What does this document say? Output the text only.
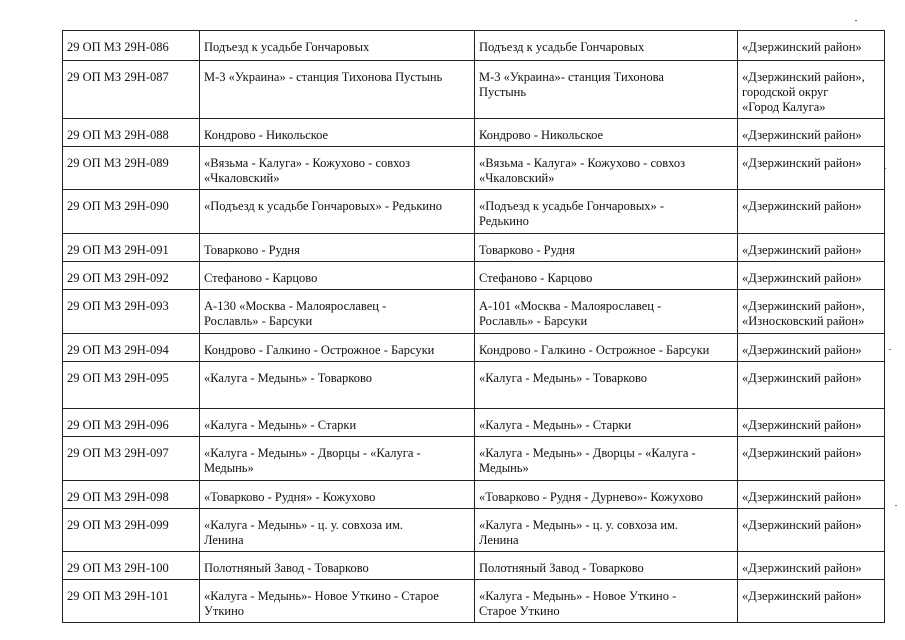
29 ОП МЗ 29Н-086	Подъезд к усадьбе Гончаровых	Подъезд к усадьбе Гончаровых	«Дзержинский район»

29 ОП МЗ 29Н-087	М-3 «Украина» - станция Тихонова Пустынь	М-3 «Украина»- станция Тихонова
Пустынь	«Дзержинский район»,
городской округ
«Город Калуга»

29 ОП МЗ 29Н-088	Кондрово - Никольское	Кондрово - Никольское	«Дзержинский район»

29 ОП МЗ 29Н-089	«Вязьма - Калуга» - Кожухово - совхоз
«Чкаловский»	«Вязьма - Калуга» - Кожухово - совхоз
«Чкаловский»	«Дзержинский район»

29 ОП МЗ 29Н-090	«Подъезд к усадьбе Гончаровых» - Редькино	«Подъезд к усадьбе Гончаровых» -
Редькино	«Дзержинский район»

29 ОП МЗ 29Н-091	Товарково - Рудня	Товарково - Рудня	«Дзержинский район»

29 ОП МЗ 29Н-092	Стефаново - Карцово	Стефаново - Карцово	«Дзержинский район»

29 ОП МЗ 29Н-093	А-130 «Москва - Малоярославец -
Рославль» - Барсуки	А-101 «Москва - Малоярославец -
Рославль» - Барсуки	«Дзержинский район»,
«Износковский район»

29 ОП МЗ 29Н-094	Кондрово - Галкино - Острожное - Барсуки	Кондрово - Галкино - Острожное - Барсуки	«Дзержинский район»

29 ОП МЗ 29Н-095	«Калуга - Медынь» - Товарково	«Калуга - Медынь» - Товарково	«Дзержинский район»

29 ОП МЗ 29Н-096	«Калуга - Медынь» - Старки	«Калуга - Медынь» - Старки	«Дзержинский район»

29 ОП МЗ 29Н-097	«Калуга - Медынь» - Дворцы - «Калуга -
Медынь»	«Калуга - Медынь» - Дворцы - «Калуга -
Медынь»	«Дзержинский район»

29 ОП МЗ 29Н-098	«Товарково - Рудня» - Кожухово	«Товарково - Рудня - Дурнево»- Кожухово	«Дзержинский район»

29 ОП МЗ 29Н-099	«Калуга - Медынь» - ц. у. совхоза им.
Ленина	«Калуга - Медынь» - ц. у. совхоза им.
Ленина	«Дзержинский район»

29 ОП МЗ 29Н-100	Полотняный Завод - Товарково	Полотняный Завод - Товарково	«Дзержинский район»

29 ОП МЗ 29Н-101	«Калуга - Медынь»- Новое Уткино - Старое
Уткино	«Калуга - Медынь» - Новое Уткино -
Старое Уткино	«Дзержинский район»
